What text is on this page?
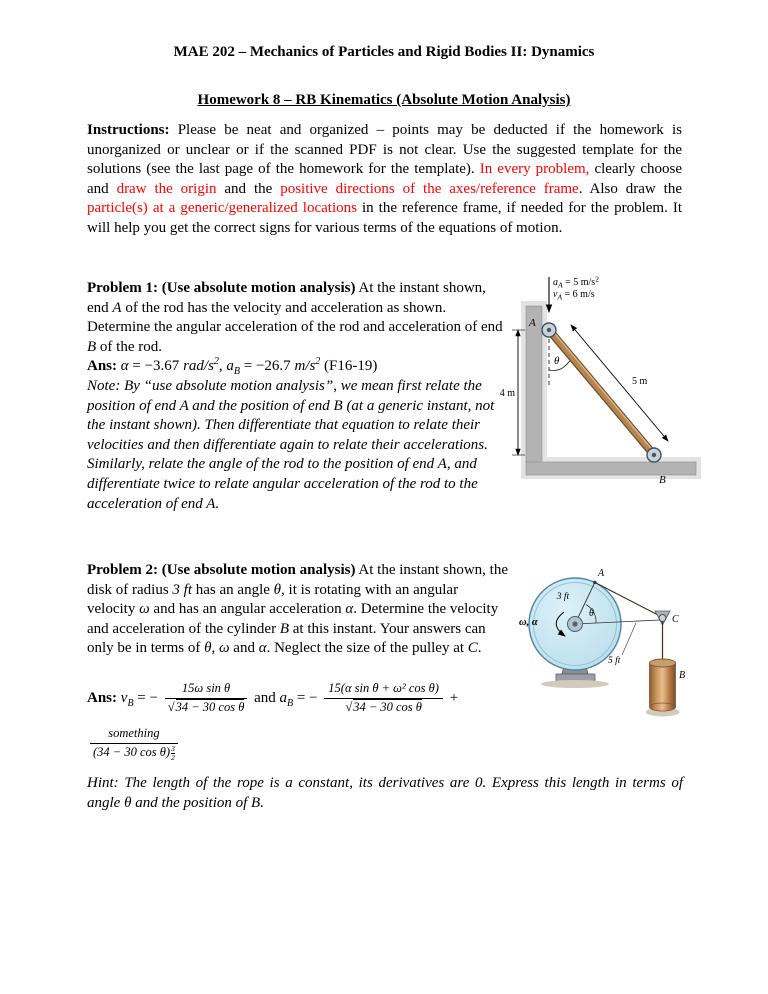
MAE 202 – Mechanics of Particles and Rigid Bodies II: Dynamics
Homework 8 – RB Kinematics (Absolute Motion Analysis)

Instructions: Please be neat and organized – points may be deducted if the homework is unorganized or unclear or if the scanned PDF is not clear. Use the suggested template for the solutions (see the last page of the homework for the template). In every problem, clearly choose and draw the origin and the positive directions of the axes/reference frame. Also draw the particle(s) at a generic/generalized locations in the reference frame, if needed for the problem. It will help you get the correct signs for various terms of the equations of motion.

Problem 1: (Use absolute motion analysis) At the instant shown, end A of the rod has the velocity and acceleration as shown. Determine the angular acceleration of the rod and acceleration of end B of the rod.

Ans: α = −3.67 rad/$s^2$, $a_B = -26.7$ $m/s^2$ (F16-19)

Note: By “use absolute motion analysis”, we mean first relate the position of end A and the position of end B (at a generic instant, not the instant shown). Then differentiate that equation to relate their velocities and then differentiate again to relate their accelerations. Similarly, relate the angle of the rod to the position of end A, and differentiate twice to relate angular acceleration of the rod to the acceleration of end A.

$a_A = 5$ $m/s^2$
$v_A = 6$ m/s
4 m
θ
5 m
A
B

Problem 2: (Use absolute motion analysis) At the instant shown, the disk of radius 3 ft has an angle θ, it is rotating with an angular velocity ω and has an angular acceleration α. Determine the velocity and acceleration of the cylinder B at this instant. Your answers can only be in terms of θ, ω and α. Neglect the size of the pulley at C.

Ans: $v_B$ = − $\frac{\text{15ω sin θ}}{\text{√34 − 30 cos θ}}$ and $a_B$ = − $\frac{\text{15(α sin θ + ω² cos θ)}}{\text{√34 − 30 cos θ}}$ +
$\frac{\text{something}}{(34 - 30 \cos \theta) \frac{3}{2}}$

Hint: The length of the rope is a constant, its derivatives are 0. Express this length in terms of angle θ and the position of B.

θ
3 ft
ω, α
A
C
5 ft
B
